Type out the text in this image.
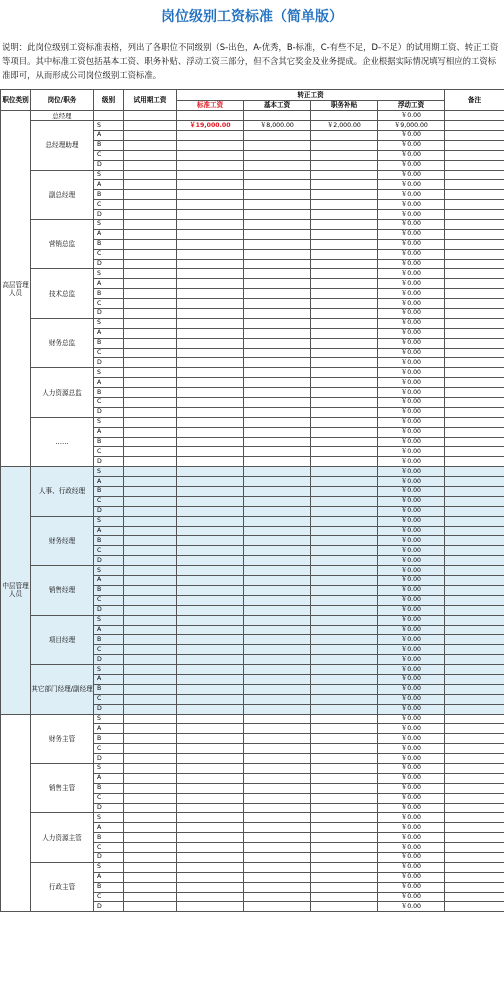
岗位级别工资标准（简单版）
说明：此岗位级别工资标准表格，列出了各职位不同级别（S-出色，A-优秀，B-标准，C-有些不足，D-不足）的试用期工资、转正工资等项目。其中标准工资包括基本工资、职务补贴、浮动工资三部分，但不含其它奖金及业务提成。企业根据实际情况填写相应的工资标准即可，从而形成公司岗位级别工资标准。
职位类别	岗位/职务	级别	试用期工资	转正工资				备注
				标准工资	基本工资	职务补贴	浮动工资	
高层管理人员	总经理						￥0.00	
	总经理助理	S		￥19,000.00	￥8,000.00	￥2,000.00	￥9,000.00	
		A					￥0.00	
		B					￥0.00	
		C					￥0.00	
		D					￥0.00	
	副总经理	S					￥0.00	
		A					￥0.00	
		B					￥0.00	
		C					￥0.00	
		D					￥0.00	
	营销总监	S					￥0.00	
		A					￥0.00	
		B					￥0.00	
		C					￥0.00	
		D					￥0.00	
	技术总监	S					￥0.00	
		A					￥0.00	
		B					￥0.00	
		C					￥0.00	
		D					￥0.00	
	财务总监	S					￥0.00	
		A					￥0.00	
		B					￥0.00	
		C					￥0.00	
		D					￥0.00	
	人力资源总监	S					￥0.00	
		A					￥0.00	
		B					￥0.00	
		C					￥0.00	
		D					￥0.00	
	……	S					￥0.00	
		A					￥0.00	
		B					￥0.00	
		C					￥0.00	
		D					￥0.00	
中层管理人员	人事、行政经理	S					￥0.00	
		A					￥0.00	
		B					￥0.00	
		C					￥0.00	
		D					￥0.00	
	财务经理	S					￥0.00	
		A					￥0.00	
		B					￥0.00	
		C					￥0.00	
		D					￥0.00	
	销售经理	S					￥0.00	
		A					￥0.00	
		B					￥0.00	
		C					￥0.00	
		D					￥0.00	
	项目经理	S					￥0.00	
		A					￥0.00	
		B					￥0.00	
		C					￥0.00	
		D					￥0.00	
	其它部门经理/副经理	S					￥0.00	
		A					￥0.00	
		B					￥0.00	
		C					￥0.00	
		D					￥0.00	
	财务主管	S					￥0.00	
		A					￥0.00	
		B					￥0.00	
		C					￥0.00	
		D					￥0.00	
	销售主管	S					￥0.00	
		A					￥0.00	
		B					￥0.00	
		C					￥0.00	
		D					￥0.00	
	人力资源主管	S					￥0.00	
		A					￥0.00	
		B					￥0.00	
		C					￥0.00	
		D					￥0.00	
	行政主管	S					￥0.00	
		A					￥0.00	
		B					￥0.00	
		C					￥0.00	
		D					￥0.00	
